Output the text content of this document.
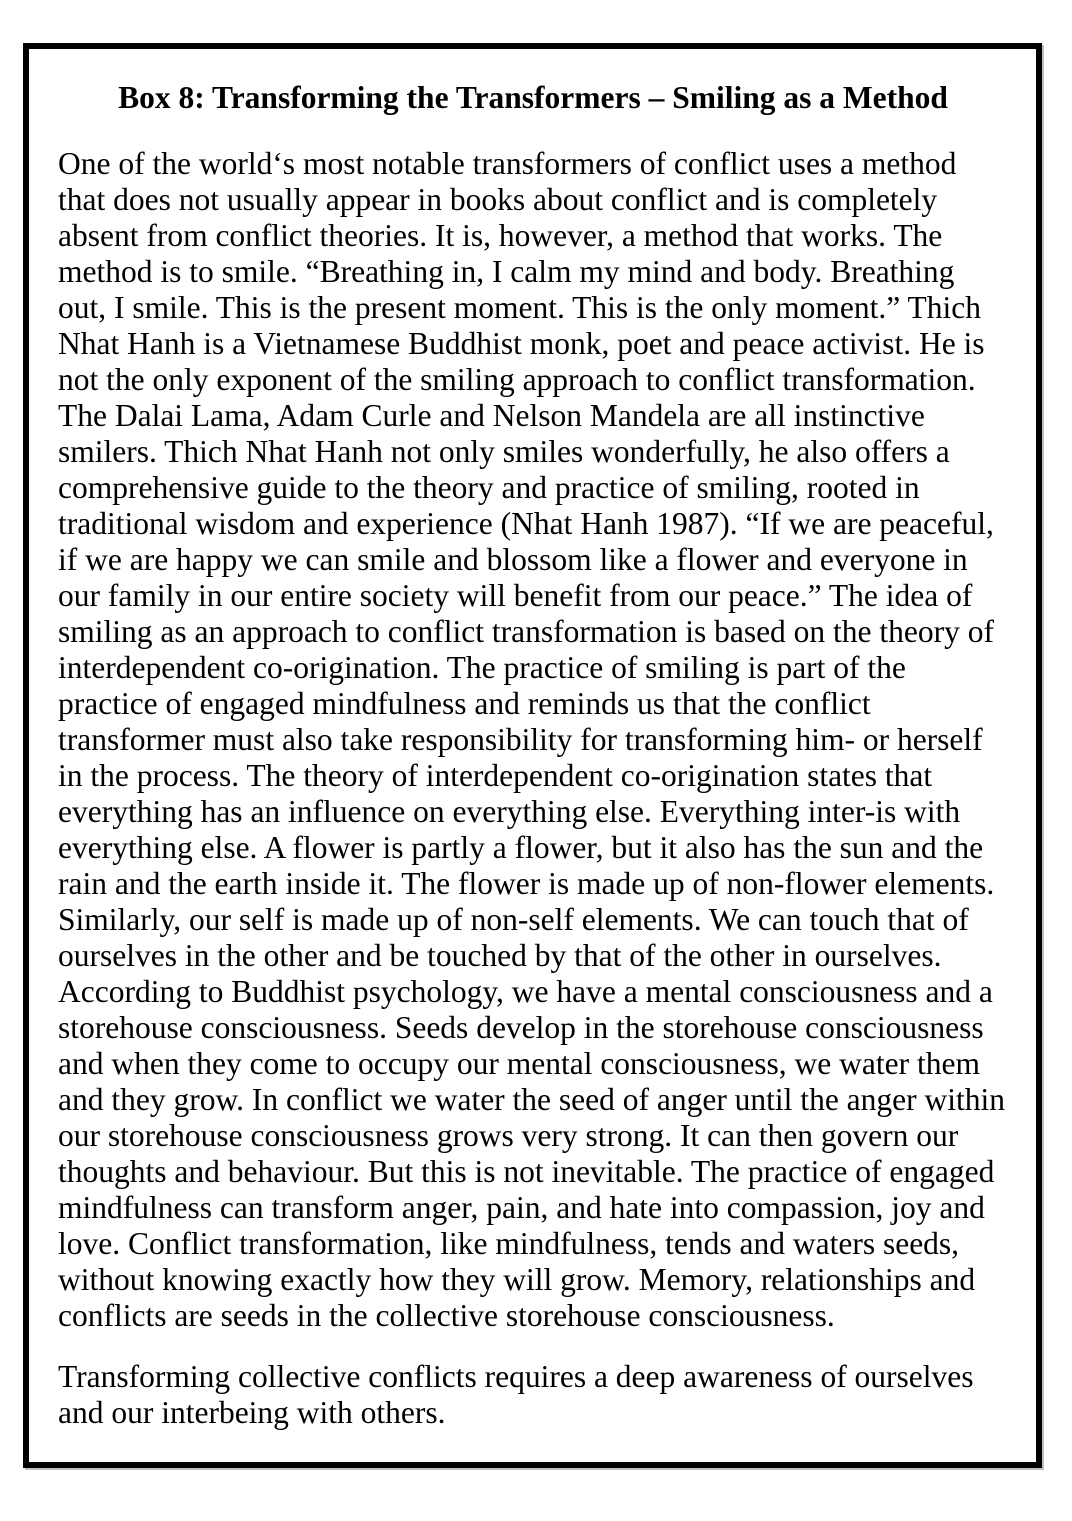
Box 8: Transforming the Transformers – Smiling as a Method

One of the world‘s most notable transformers of conflict uses a method that does not usually appear in books about conflict and is completely absent from conflict theories. It is, however, a method that works. The method is to smile. “Breathing in, I calm my mind and body. Breathing out, I smile. This is the present moment. This is the only moment.” Thich Nhat Hanh is a Vietnamese Buddhist monk, poet and peace activist. He is not the only exponent of the smiling approach to conflict transformation. The Dalai Lama, Adam Curle and Nelson Mandela are all instinctive smilers. Thich Nhat Hanh not only smiles wonderfully, he also offers a comprehensive guide to the theory and practice of smiling, rooted in traditional wisdom and experience (Nhat Hanh 1987). “If we are peaceful, if we are happy we can smile and blossom like a flower and everyone in our family in our entire society will benefit from our peace.” The idea of smiling as an approach to conflict transformation is based on the theory of interdependent co-origination. The practice of smiling is part of the practice of engaged mindfulness and reminds us that the conflict transformer must also take responsibility for transforming him- or herself in the process. The theory of interdependent co-origination states that everything has an influence on everything else. Everything inter-is with everything else. A flower is partly a flower, but it also has the sun and the rain and the earth inside it. The flower is made up of non-flower elements. Similarly, our self is made up of non-self elements. We can touch that of ourselves in the other and be touched by that of the other in ourselves. According to Buddhist psychology, we have a mental consciousness and a storehouse consciousness. Seeds develop in the storehouse consciousness and when they come to occupy our mental consciousness, we water them and they grow. In conflict we water the seed of anger until the anger within our storehouse consciousness grows very strong. It can then govern our thoughts and behaviour. But this is not inevitable. The practice of engaged mindfulness can transform anger, pain, and hate into compassion, joy and love. Conflict transformation, like mindfulness, tends and waters seeds, without knowing exactly how they will grow. Memory, relationships and conflicts are seeds in the collective storehouse consciousness.

Transforming collective conflicts requires a deep awareness of ourselves and our interbeing with others.
